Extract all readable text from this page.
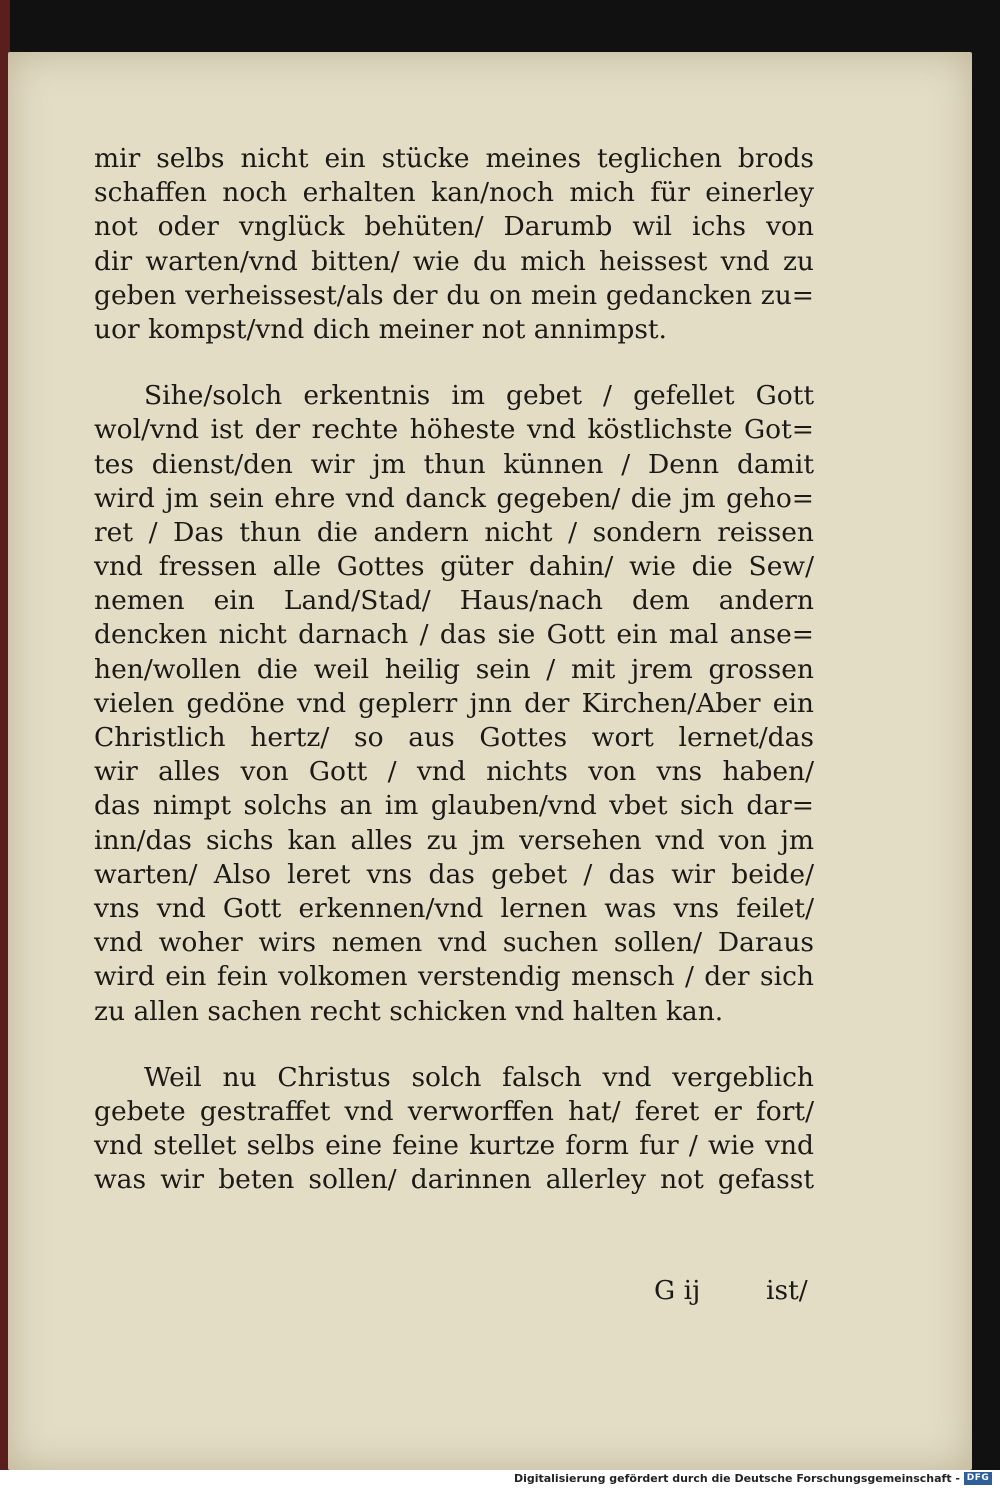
mir selbs nicht ein stücke meines teglichen brods
schaffen noch erhalten kan/noch mich für einerley
not oder vnglück behüten/ Darumb wil ichs von
dir warten/vnd bitten/ wie du mich heissest vnd zu
geben verheissest/als der du on mein gedancken zu=
uor kompst/vnd dich meiner not annimpst.
Sihe/solch erkentnis im gebet / gefellet Gott
wol/vnd ist der rechte höheste vnd köstlichste Got=
tes dienst/den wir jm thun künnen / Denn damit
wird jm sein ehre vnd danck gegeben/ die jm geho=
ret / Das thun die andern nicht / sondern reissen
vnd fressen alle Gottes güter dahin/ wie die Sew/
nemen ein Land/Stad/ Haus/nach dem andern
dencken nicht darnach / das sie Gott ein mal anse=
hen/wollen die weil heilig sein / mit jrem grossen
vielen gedöne vnd geplerr jnn der Kirchen/Aber ein
Christlich hertz/ so aus Gottes wort lernet/das
wir alles von Gott / vnd nichts von vns haben/
das nimpt solchs an im glauben/vnd vbet sich dar=
inn/das sichs kan alles zu jm versehen vnd von jm
warten/ Also leret vns das gebet / das wir beide/
vns vnd Gott erkennen/vnd lernen was vns feilet/
vnd woher wirs nemen vnd suchen sollen/ Daraus
wird ein fein volkomen verstendig mensch / der sich
zu allen sachen recht schicken vnd halten kan.
Weil nu Christus solch falsch vnd vergeblich
gebete gestraffet vnd verworffen hat/ feret er fort/
vnd stellet selbs eine feine kurtze form fur / wie vnd
was wir beten sollen/ darinnen allerley not gefasst
G ij ist/
Digitalisierung gefördert durch die Deutsche Forschungsgemeinschaft - DFG
